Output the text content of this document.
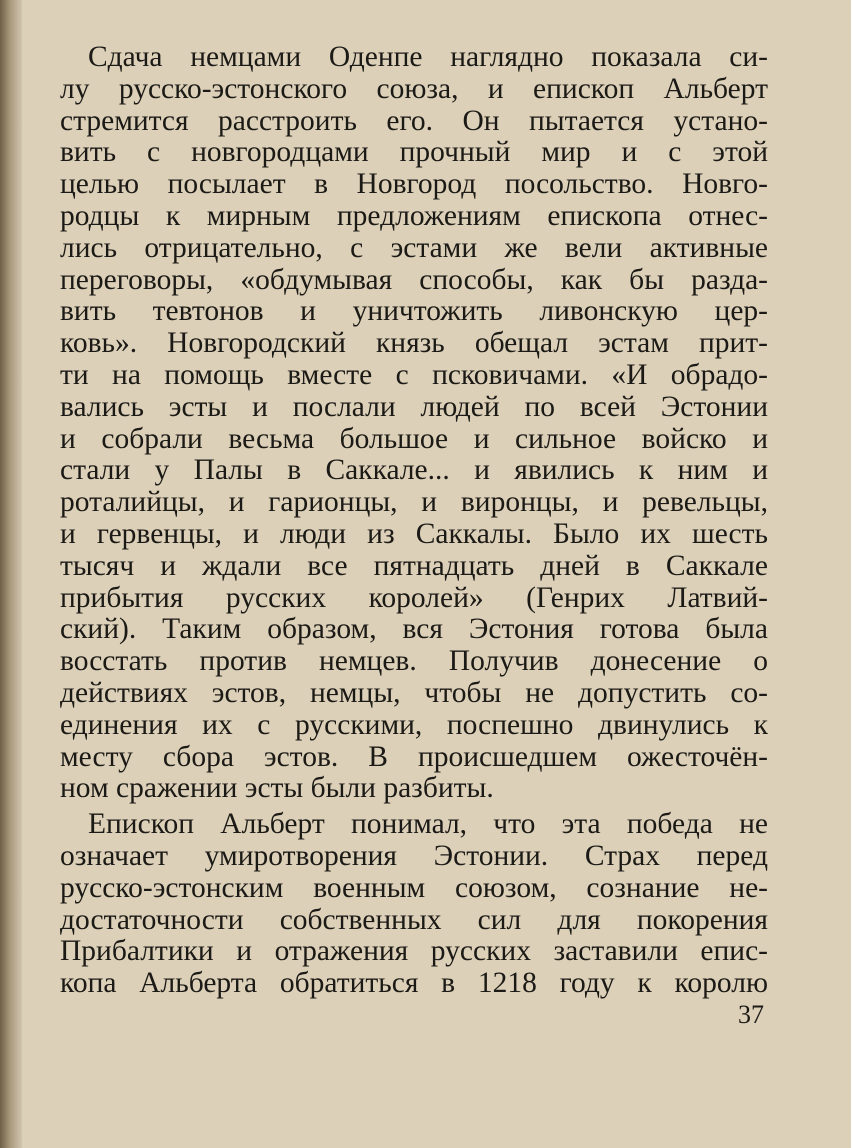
Сдача немцами Оденпе наглядно показала си-
лу русско-эстонского союза, и епископ Альберт
стремится расстроить его. Он пытается устано-
вить с новгородцами прочный мир и с этой
целью посылает в Новгород посольство. Новго-
родцы к мирным предложениям епископа отнес-
лись отрицательно, с эстами же вели активные
переговоры, «обдумывая способы, как бы разда-
вить тевтонов и уничтожить ливонскую цер-
ковь». Новгородский князь обещал эстам прит-
ти на помощь вместе с псковичами. «И обрадо-
вались эсты и послали людей по всей Эстонии
и собрали весьма большое и сильное войско и
стали у Палы в Саккале... и явились к ним и
роталийцы, и гарионцы, и виронцы, и ревельцы,
и гервенцы, и люди из Саккалы. Было их шесть
тысяч и ждали все пятнадцать дней в Саккале
прибытия русских королей» (Генрих Латвий-
ский). Таким образом, вся Эстония готова была
восстать против немцев. Получив донесение о
действиях эстов, немцы, чтобы не допустить со-
единения их с русскими, поспешно двинулись к
месту сбора эстов. В происшедшем ожесточён-
ном сражении эсты были разбиты.
Епископ Альберт понимал, что эта победа не
означает умиротворения Эстонии. Страх перед
русско-эстонским военным союзом, сознание не-
достаточности собственных сил для покорения
Прибалтики и отражения русских заставили епис-
копа Альберта обратиться в 1218 году к королю
37
